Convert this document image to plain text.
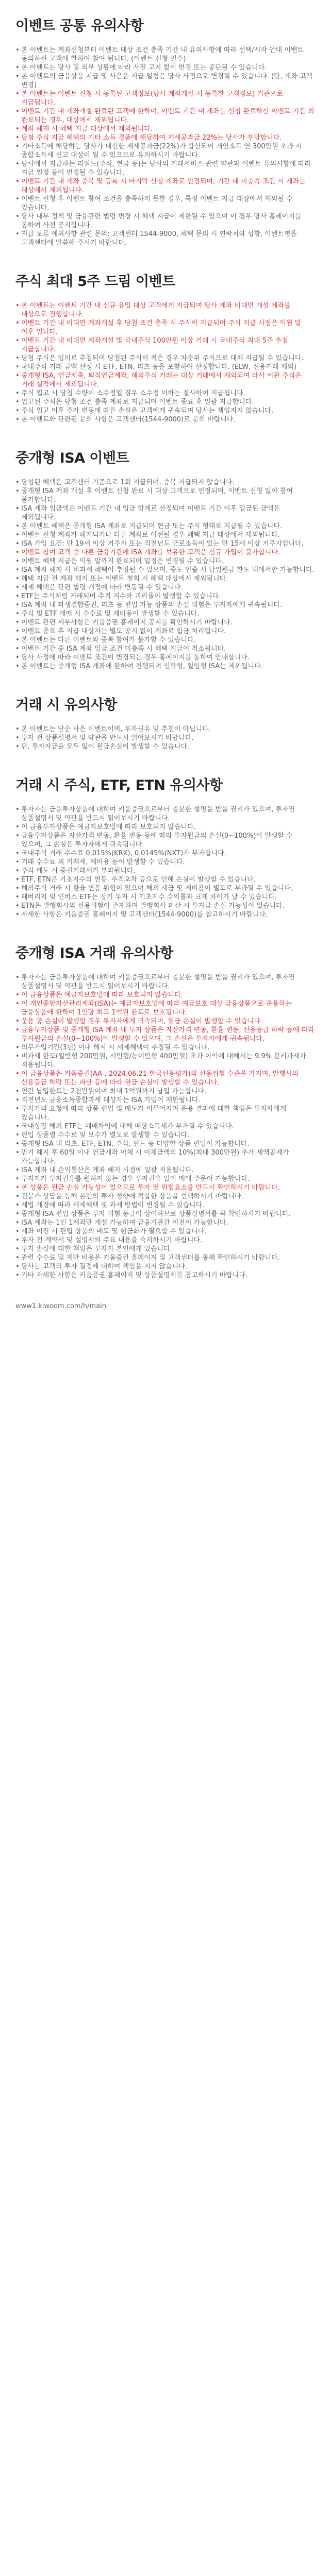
이벤트 공통 유의사항
• 본 이벤트는 계좌신청부터 이벤트 대상 조건 충족 기간 내 유의사항에 따라 선택/시작 안내 이벤트 동의하신 고객에 한하여 참여 됩니다. (이벤트 신청 필수)
• 본 이벤트는 당사 및 외부 상황에 따라 사전 고지 없이 변경 또는 중단될 수 있습니다.
• 본 이벤트의 금융상품 지급 및 사은품 지급 일정은 당사 사정으로 변경될 수 있습니다. (단, 계좌 고객 변경)
• 본 이벤트는 이벤트 신청 시 등록된 고객정보(당사 계좌개설 시 등록한 고객정보) 기준으로 지급됩니다.
• 이벤트 기간 내 계좌개설 완료된 고객에 한하며, 이벤트 기간 내 계좌를 신청 완료하신 이벤트 기간 외 완료되는 경우, 대상에서 제외됩니다.
• 계좌 해제 시 혜택 지급 대상에서 제외됩니다.
• 당첨 주식 지급 혜택의 기타 소득 경품에 해당하여 제세공과금 22%는 당사가 부담합니다.
• 기타소득에 해당하는 당사가 대신한 제세공과금(22%)가 합산되어 개인소득 연 300만원 초과 시 종합소득세 신고 대상이 될 수 있으므로 유의하시기 바랍니다.
• 당사에서 지급하는 리워드(주식, 현금 등)는 당사의 거래서비스 관련 약관과 이벤트 유의사항에 따라 지급 일정 등이 변경될 수 있습니다.
• 이벤트 기간 내 계좌 중복 및 등록 시 마지막 신청 계좌로 인정되며, 기간 내 미충족 조건 시 계좌는 대상에서 제외됩니다.
• 이벤트 신청 후 이벤트 참여 조건을 충족하지 못한 경우, 특정 이벤트 지급 대상에서 제외될 수 있습니다.
• 당사 내부 정책 및 금융관련 법령 변경 시 혜택 지급이 제한될 수 있으며 이 경우 당사 홈페이지를 통하여 사전 공지합니다.
• 지급 보류 예외사항 관련 문의: 고객센터 1544-9000, 혜택 문의 시 연락처와 성함, 이벤트명을 고객센터에 말씀해 주시기 바랍니다.
주식 최대 5주 드림 이벤트
• 본 이벤트는 이벤트 기간 내 신규 유입 대상 고객에게 지급되며 당사 계좌 비대면 개설 계좌를 대상으로 진행합니다.
• 이벤트 기간 내 비대면 계좌개설 후 당첨 조건 충족 시 주식이 지급되며 주식 지급 시점은 익월 말 이후 입니다.
• 이벤트 기간 내 비대면 계좌개설 및 국내주식 100만원 이상 거래 시 국내주식 최대 5주 추첨 지급합니다.
• 당첨 주식은 임의로 추첨되며 당첨된 주식이 적은 경우 차순위 주식으로 대체 지급될 수 있습니다.
• 국내주식 거래 금액 산정 시 ETF, ETN, 리츠 등을 포함하여 산정합니다. (ELW, 신용거래 제외)
• 중개형 ISA, 연금저축, 퇴직연금계좌, 해외주식 거래는 대상 거래에서 제외되며 타사 이관 주식은 거래 실적에서 제외됩니다.
• 주식 입고 시 당첨 수량이 소수점일 경우 소수점 이하는 절사하여 지급됩니다.
• 입고된 주식은 당첨 조건 충족 계좌로 지급되며 이벤트 종료 후 일괄 지급합니다.
• 주식 입고 이후 주가 변동에 따른 손실은 고객에게 귀속되며 당사는 책임지지 않습니다.
• 본 이벤트와 관련된 문의 사항은 고객센터(1544-9000)로 문의 바랍니다.
중개형 ISA 이벤트
• 당첨된 혜택은 고객센터 기준으로 1회 지급되며, 중복 지급되지 않습니다.
• 중개형 ISA 계좌 개설 후 이벤트 신청 완료 시 대상 고객으로 인정되며, 이벤트 신청 없이 참여 불가합니다.
• ISA 계좌 입금액은 이벤트 기간 내 입금 합계로 산정되며 이벤트 기간 이후 입금된 금액은 제외됩니다.
• 본 이벤트 혜택은 중개형 ISA 계좌로 지급되며 현금 또는 주식 형태로 지급될 수 있습니다.
• 이벤트 신청 계좌가 해지되거나 다른 계좌로 이전될 경우 혜택 지급 대상에서 제외됩니다.
• ISA 가입 요건: 만 19세 이상 거주자 또는 직전년도 근로소득이 있는 만 15세 이상 거주자입니다.
• 이벤트 참여 고객 중 다른 금융기관에 ISA 계좌를 보유한 고객은 신규 가입이 불가합니다.
• 이벤트 혜택 지급은 익월 말까지 완료되며 일정은 변경될 수 있습니다.
• ISA 계좌 해지 시 비과세 혜택이 추징될 수 있으며, 중도 인출 시 납입원금 한도 내에서만 가능합니다.
• 혜택 지급 전 계좌 해지 또는 이벤트 철회 시 혜택 대상에서 제외됩니다.
• 세제 혜택은 관련 법령 개정에 따라 변동될 수 있습니다.
• ETF는 주식처럼 거래되며 추적 지수와 괴리율이 발생할 수 있습니다.
• ISA 계좌 내 파생결합증권, 리츠 등 편입 가능 상품의 손실 위험은 투자자에게 귀속됩니다.
• 주식 및 ETF 매매 시 수수료 및 제비용이 발생할 수 있습니다.
• 이벤트 관련 세부사항은 키움증권 홈페이지 공지를 확인하시기 바랍니다.
• 이벤트 종료 후 지급 대상자는 별도 공지 없이 계좌로 입금 처리됩니다.
• 본 이벤트는 다른 이벤트와 중복 참여가 불가할 수 있습니다.
• 이벤트 기간 중 ISA 계좌 입금 조건 미충족 시 혜택 지급이 취소됩니다.
• 당사 사정에 따라 이벤트 조건이 변경되는 경우 홈페이지를 통하여 안내합니다.
• 본 이벤트는 중개형 ISA 계좌에 한하여 진행되며 신탁형, 일임형 ISA는 제외됩니다.
거래 시 유의사항
• 본 이벤트는 단순 사은 이벤트이며, 투자권유 및 추천이 아닙니다.
• 투자 전 상품설명서 및 약관을 반드시 읽어보시기 바랍니다.
• 단, 투자자금을 모두 잃어 원금손실이 발생할 수 있습니다.
거래 시 주식, ETF, ETN 유의사항
• 투자자는 금융투자상품에 대하여 키움증권으로부터 충분한 설명을 받을 권리가 있으며, 투자전 상품설명서 및 약관을 반드시 읽어보시기 바랍니다.
• 이 금융투자상품은 예금자보호법에 따라 보호되지 않습니다.
• 금융투자상품은 자산가격 변동, 환율 변동 등에 따라 투자원금의 손실(0~100%)이 발생할 수 있으며, 그 손실은 투자자에게 귀속됩니다.
• 국내주식 거래 수수료 0.015%(KRX), 0.0145%(NXT)가 부과됩니다.
• 거래 수수료 외 거래세, 제비용 등이 발생할 수 있습니다.
• 주식 매도 시 증권거래세가 부과됩니다.
• ETF, ETN은 기초지수의 변동, 추적오차 등으로 인해 손실이 발생할 수 있습니다.
• 해외주식 거래 시 환율 변동 위험이 있으며 해외 세금 및 제비용이 별도로 부과될 수 있습니다.
• 레버리지 및 인버스 ETF는 장기 투자 시 기초지수 수익률과 크게 차이가 날 수 있습니다.
• ETN은 발행회사의 신용위험이 존재하며 발행회사 파산 시 투자금 손실 가능성이 있습니다.
• 자세한 사항은 키움증권 홈페이지 및 고객센터(1544-9000)를 참고하시기 바랍니다.
중개형 ISA 거래 유의사항
• 투자자는 금융투자상품에 대하여 키움증권으로부터 충분한 설명을 받을 권리가 있으며, 투자전 상품설명서 및 약관을 반드시 읽어보시기 바랍니다.
• 이 금융상품은 예금자보호법에 따라 보호되지 않습니다.
• 이 개인종합자산관리계좌(ISA)는 예금자보호법에 따라 예금보호 대상 금융상품으로 운용하는 금융상품에 한하여 1인당 최고 1억원 한도로 보호됩니다.
• 운용 중 손실이 발생할 경우 투자자에게 귀속되며, 원금 손실이 발생할 수 있습니다.
• 금융투자상품 및 중개형 ISA 계좌 내 투자 상품은 자산가격 변동, 환율 변동, 신용등급 하락 등에 따라 투자원금의 손실(0~100%)이 발생할 수 있으며, 그 손실은 투자자에게 귀속됩니다.
• 의무가입기간(3년) 이내 해지 시 세제혜택이 추징될 수 있습니다.
• 비과세 한도(일반형 200만원, 서민형/농어민형 400만원) 초과 이익에 대해서는 9.9% 분리과세가 적용됩니다.
• 이 금융상품은 키움증권(AA-, 2024.06.21 한국신용평가)의 신용위험 수준을 가지며, 발행사의 신용등급 하락 또는 파산 등에 따라 원금 손실이 발생할 수 있습니다.
• 연간 납입한도는 2천만원이며 최대 1억원까지 납입 가능합니다.
• 직전년도 금융소득종합과세 대상자는 ISA 가입이 제한됩니다.
• 투자자의 요청에 따라 상품 편입 및 매도가 이루어지며 운용 결과에 대한 책임은 투자자에게 있습니다.
• 국내상장 해외 ETF는 매매차익에 대해 배당소득세가 부과될 수 있습니다.
• 편입 상품별 수수료 및 보수가 별도로 발생할 수 있습니다.
• 중개형 ISA 내 리츠, ETF, ETN, 주식, 펀드 등 다양한 상품 편입이 가능합니다.
• 만기 해지 후 60일 이내 연금계좌 이체 시 이체금액의 10%(최대 300만원) 추가 세액공제가 가능합니다.
• ISA 계좌 내 손익통산은 계좌 해지 시점에 일괄 적용됩니다.
• 투자자가 투자권유를 원하지 않는 경우 투자권유 없이 매매 주문이 가능합니다.
• 본 상품은 원금 손실 가능성이 있으므로 투자 전 위험요소를 반드시 확인하시기 바랍니다.
• 전문가 상담을 통해 본인의 투자 성향에 적합한 상품을 선택하시기 바랍니다.
• 세법 개정에 따라 세제혜택 및 과세 방법이 변경될 수 있습니다.
• 중개형 ISA 편입 상품은 투자 위험 등급이 상이하므로 상품설명서를 꼭 확인하시기 바랍니다.
• ISA 계좌는 1인 1계좌만 개설 가능하며 금융기관간 이전이 가능합니다.
• 계좌 이전 시 편입 상품의 매도 및 현금화가 필요할 수 있습니다.
• 투자 전 계약서 및 설명서의 주요 내용을 숙지하시기 바랍니다.
• 투자 손실에 대한 책임은 투자자 본인에게 있습니다.
• 관련 수수료 및 제반 비용은 키움증권 홈페이지 및 고객센터를 통해 확인하시기 바랍니다.
• 당사는 고객의 투자 결정에 대하여 책임을 지지 않습니다.
• 기타 자세한 사항은 키움증권 홈페이지 및 상품설명서를 참고하시기 바랍니다.
www1.kiwoom.com/h/main
